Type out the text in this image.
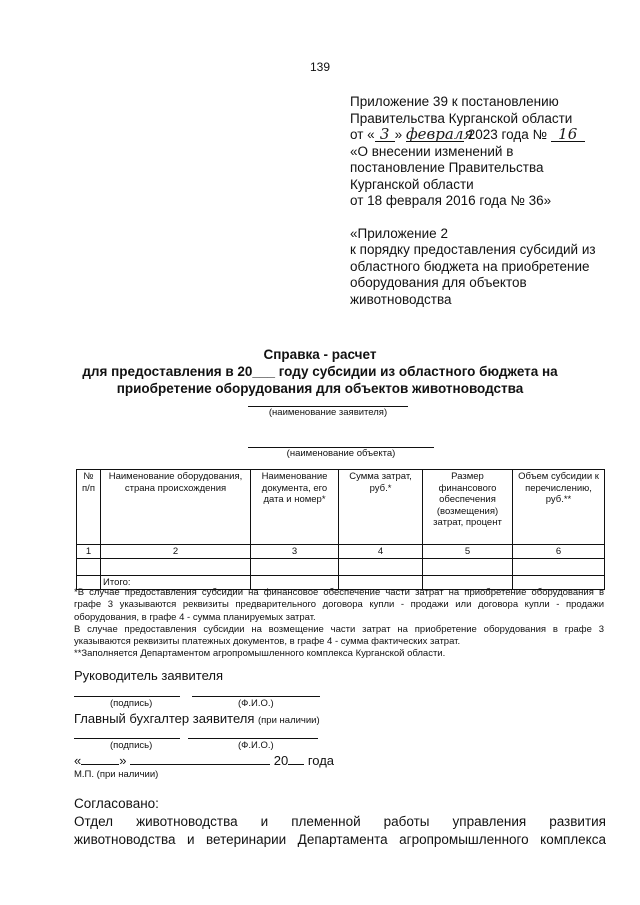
139
Приложение 39 к постановлению
Правительства Курганской области
от « 3 » февраля 2023 года № 16
«О внесении изменений в
постановление Правительства
Курганской области
от 18 февраля 2016 года № 36»
«Приложение 2
к порядку предоставления субсидий из
областного бюджета на приобретение
оборудования для объектов
животноводства
Справка - расчет
для предоставления в 20___ году субсидии из областного бюджета на
приобретение оборудования для объектов животноводства
(наименование заявителя)
(наименование объекта)
№ п/п	Наименование оборудования, страна происхождения	Наименование документа, его дата и номер*	Сумма затрат, руб.*	Размер финансового обеспечения (возмещения) затрат, процент	Объем субсидии к перечислению, руб.**
1	2	3	4	5	6

	Итого:				

*В случае предоставления субсидии на финансовое обеспечение части затрат на приобретение оборудования в графе 3 указываются реквизиты предварительного договора купли - продажи или договора купли - продажи оборудования, в графе 4 - сумма планируемых затрат.

В случае предоставления субсидии на возмещение части затрат на приобретение оборудования в графе 3 указываются реквизиты платежных документов, в графе 4 - сумма фактических затрат.

**Заполняется Департаментом агропромышленного комплекса Курганской области.

Руководитель заявителя
(подпись)	(Ф.И.О.)
Главный бухгалтер заявителя (при наличии)
(подпись)	(Ф.И.О.)
«	»	20 года
М.П. (при наличии)
Согласовано:
Отдел животноводства и племенной работы управления развития
животноводства и ветеринарии Департамента агропромышленного комплекса
